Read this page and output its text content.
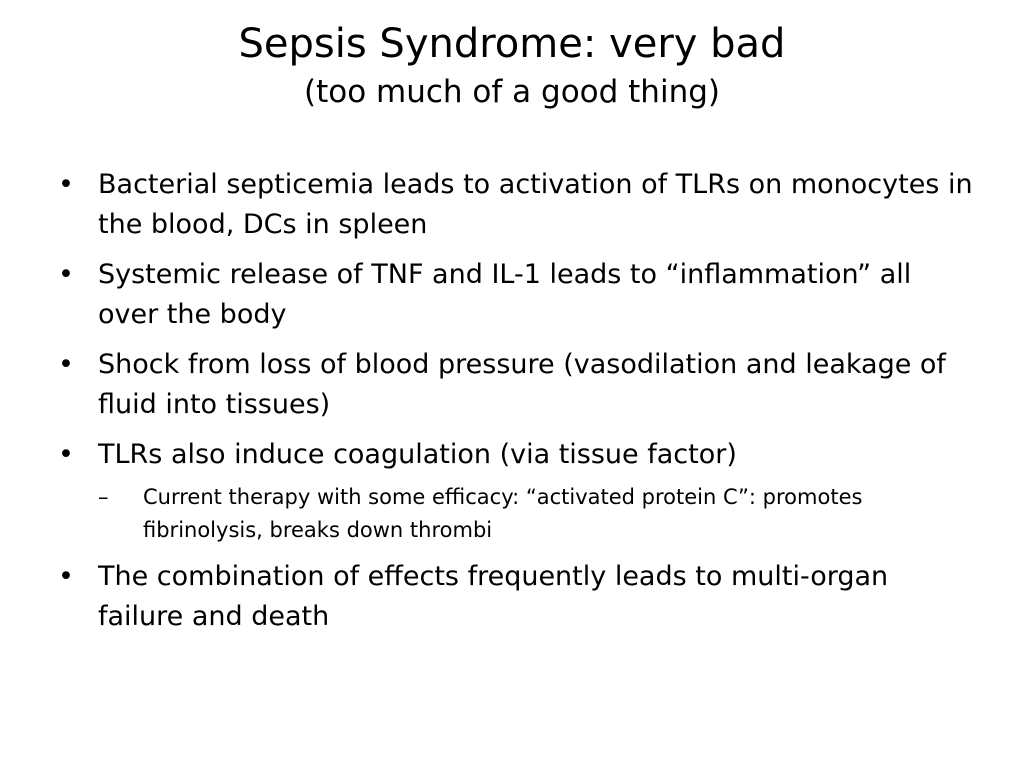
Sepsis Syndrome: very bad
(too much of a good thing)
• Bacterial septicemia leads to activation of TLRs on monocytes in the blood, DCs in spleen
• Systemic release of TNF and IL-1 leads to “inflammation” all over the body
• Shock from loss of blood pressure (vasodilation and leakage of fluid into tissues)
• TLRs also induce coagulation (via tissue factor)
– Current therapy with some efficacy: “activated protein C”: promotes fibrinolysis, breaks down thrombi
• The combination of effects frequently leads to multi-organ failure and death
